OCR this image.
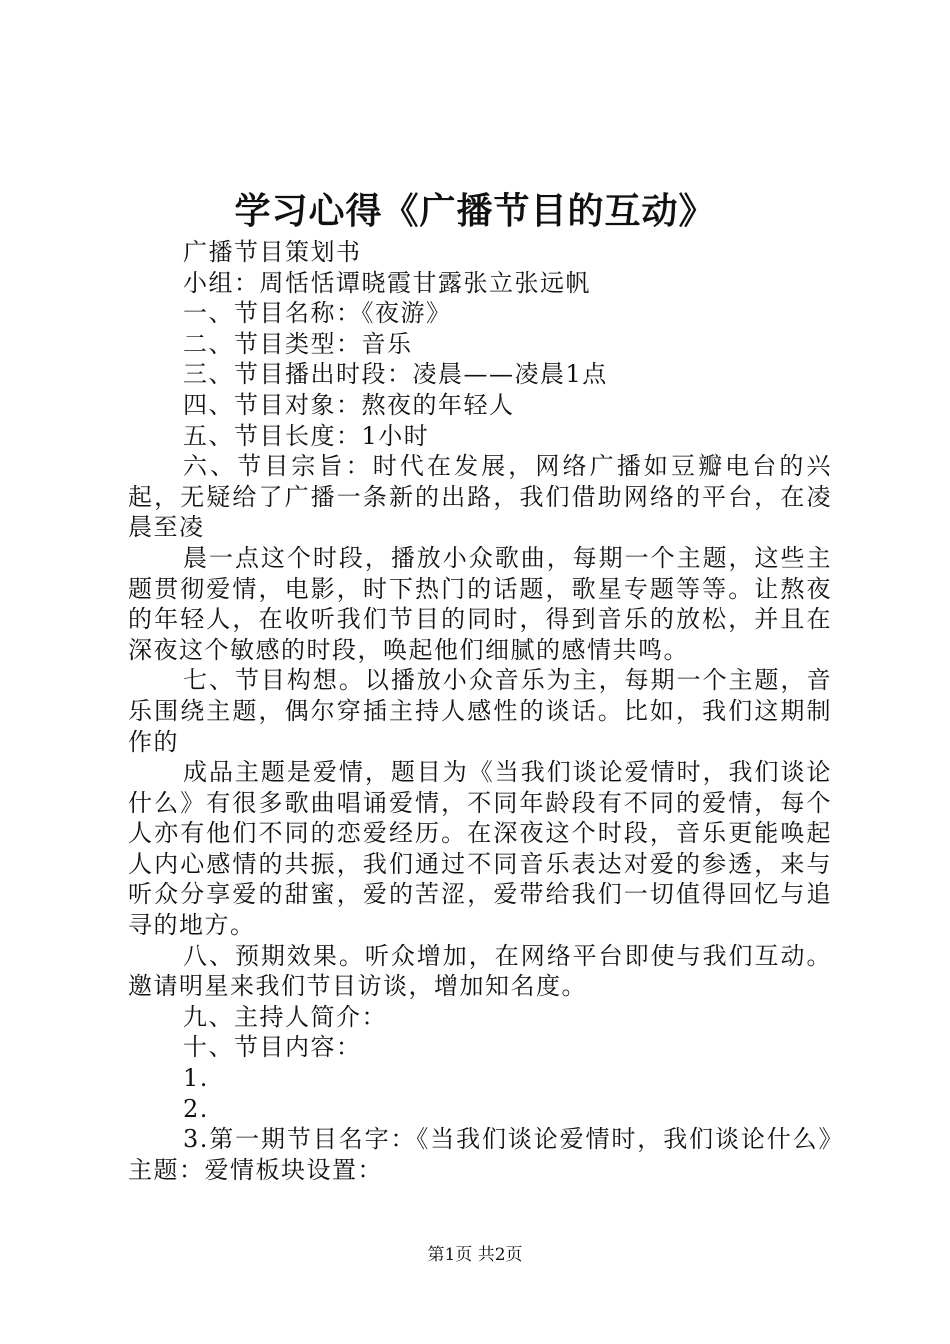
学习心得《广播节目的互动》

广播节目策划书

小组：周恬恬谭晓霞甘露张立张远帆

一、节目名称：《夜游》

二、节目类型：音乐

三、节目播出时段：凌晨——凌晨1点

四、节目对象：熬夜的年轻人

五、节目长度：1小时

六、节目宗旨：时代在发展，网络广播如豆瓣电台的兴起，无疑给了广播一条新的出路，我们借助网络的平台，在凌晨至凌

晨一点这个时段，播放小众歌曲，每期一个主题，这些主题贯彻爱情，电影，时下热门的话题，歌星专题等等。让熬夜的年轻人，在收听我们节目的同时，得到音乐的放松，并且在深夜这个敏感的时段，唤起他们细腻的感情共鸣。

七、节目构想。以播放小众音乐为主，每期一个主题，音乐围绕主题，偶尔穿插主持人感性的谈话。比如，我们这期制作的

成品主题是爱情，题目为《当我们谈论爱情时，我们谈论什么》有很多歌曲唱诵爱情，不同年龄段有不同的爱情，每个人亦有他们不同的恋爱经历。在深夜这个时段，音乐更能唤起人内心感情的共振，我们通过不同音乐表达对爱的参透，来与听众分享爱的甜蜜，爱的苦涩，爱带给我们一切值得回忆与追寻的地方。

八、预期效果。听众增加，在网络平台即使与我们互动。邀请明星来我们节目访谈，增加知名度。

九、主持人简介：

十、节目内容：

1.

2.

3.第一期节目名字：《当我们谈论爱情时，我们谈论什么》主题：爱情板块设置：

第1页 共2页
